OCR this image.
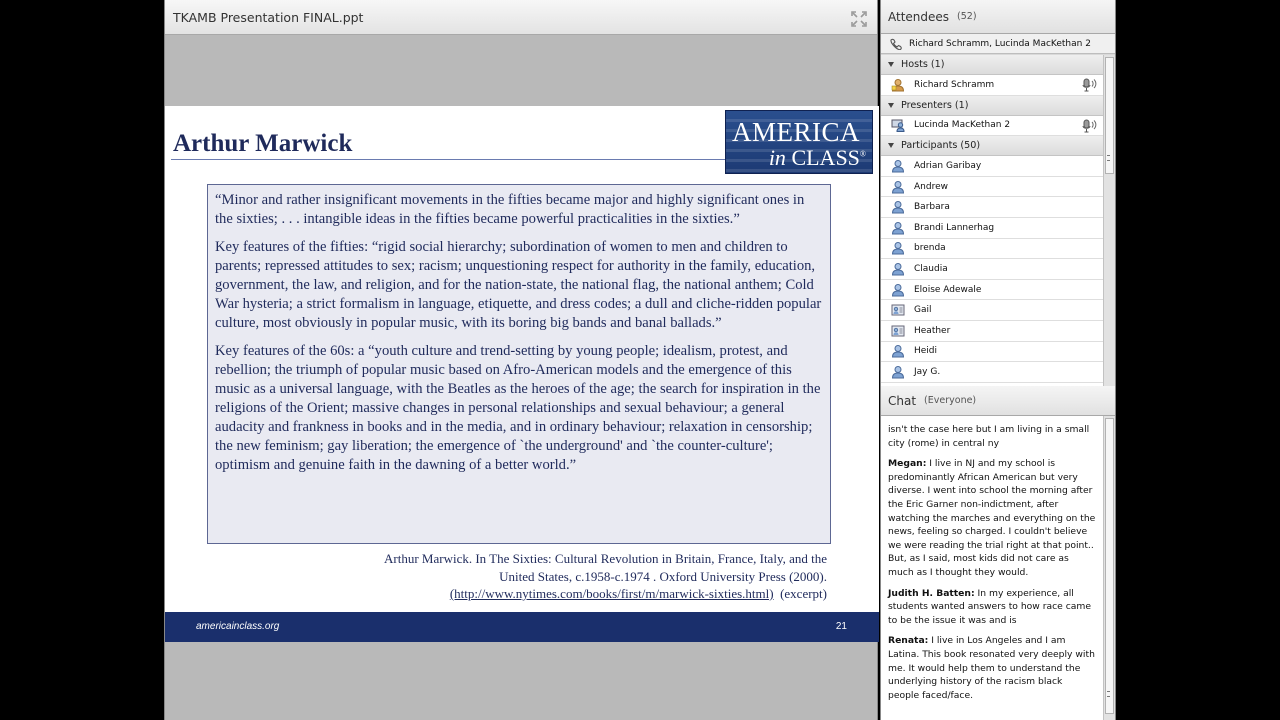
TKAMB Presentation FINAL.ppt
Arthur Marwick	AMERICA
in CLASS®

“Minor and rather insignificant movements in the fifties became major and highly significant ones in the sixties; . . . intangible ideas in the fifties became powerful practicalities in the sixties.”

Key features of the fifties: “rigid social hierarchy; subordination of women to men and children to parents; repressed attitudes to sex; racism; unquestioning respect for authority in the family, education, government, the law, and religion, and for the nation-state, the national flag, the national anthem; Cold War hysteria; a strict formalism in language, etiquette, and dress codes; a dull and cliche-ridden popular culture, most obviously in popular music, with its boring big bands and banal ballads.”

Key features of the 60s: a “youth culture and trend-setting by young people; idealism, protest, and rebellion; the triumph of popular music based on Afro-American models and the emergence of this music as a universal language, with the Beatles as the heroes of the age; the search for inspiration in the religions of the Orient; massive changes in personal relationships and sexual behaviour; a general audacity and frankness in books and in the media, and in ordinary behaviour; relaxation in censorship; the new feminism; gay liberation; the emergence of `the underground' and `the counter-culture'; optimism and genuine faith in the dawning of a better world.”

Arthur Marwick. In The Sixties: Cultural Revolution in Britain, France, Italy, and the
United States, c.1958-c.1974 . Oxford University Press (2000).
(http://www.nytimes.com/books/first/m/marwick-sixties.html)  (excerpt)
americainclass.org	21
Attendees (52)
Richard Schramm, Lucinda MacKethan 2
Hosts (1)
Richard Schramm
Presenters (1)
Lucinda MacKethan 2
Participants (50)
Adrian Garibay
Andrew
Barbara
Brandi Lannerhag
brenda
Claudia
Eloise Adewale
Gail
Heather
Heidi
Jay G.
Chat (Everyone)
isn't the case here but I am living in a small city (rome) in central ny
Megan: I live in NJ and my school is predominantly African American but very diverse. I went into school the morning after the Eric Garner non-indictment, after watching the marches and everything on the news, feeling so charged. I couldn't believe we were reading the trial right at that point.. But, as I said, most kids did not care as much as I thought they would.
Judith H. Batten: In my experience, all students wanted answers to how race came to be the issue it was and is
Renata: I live in Los Angeles and I am Latina. This book resonated very deeply with me. It would help them to understand the underlying history of the racism black people faced/face.
